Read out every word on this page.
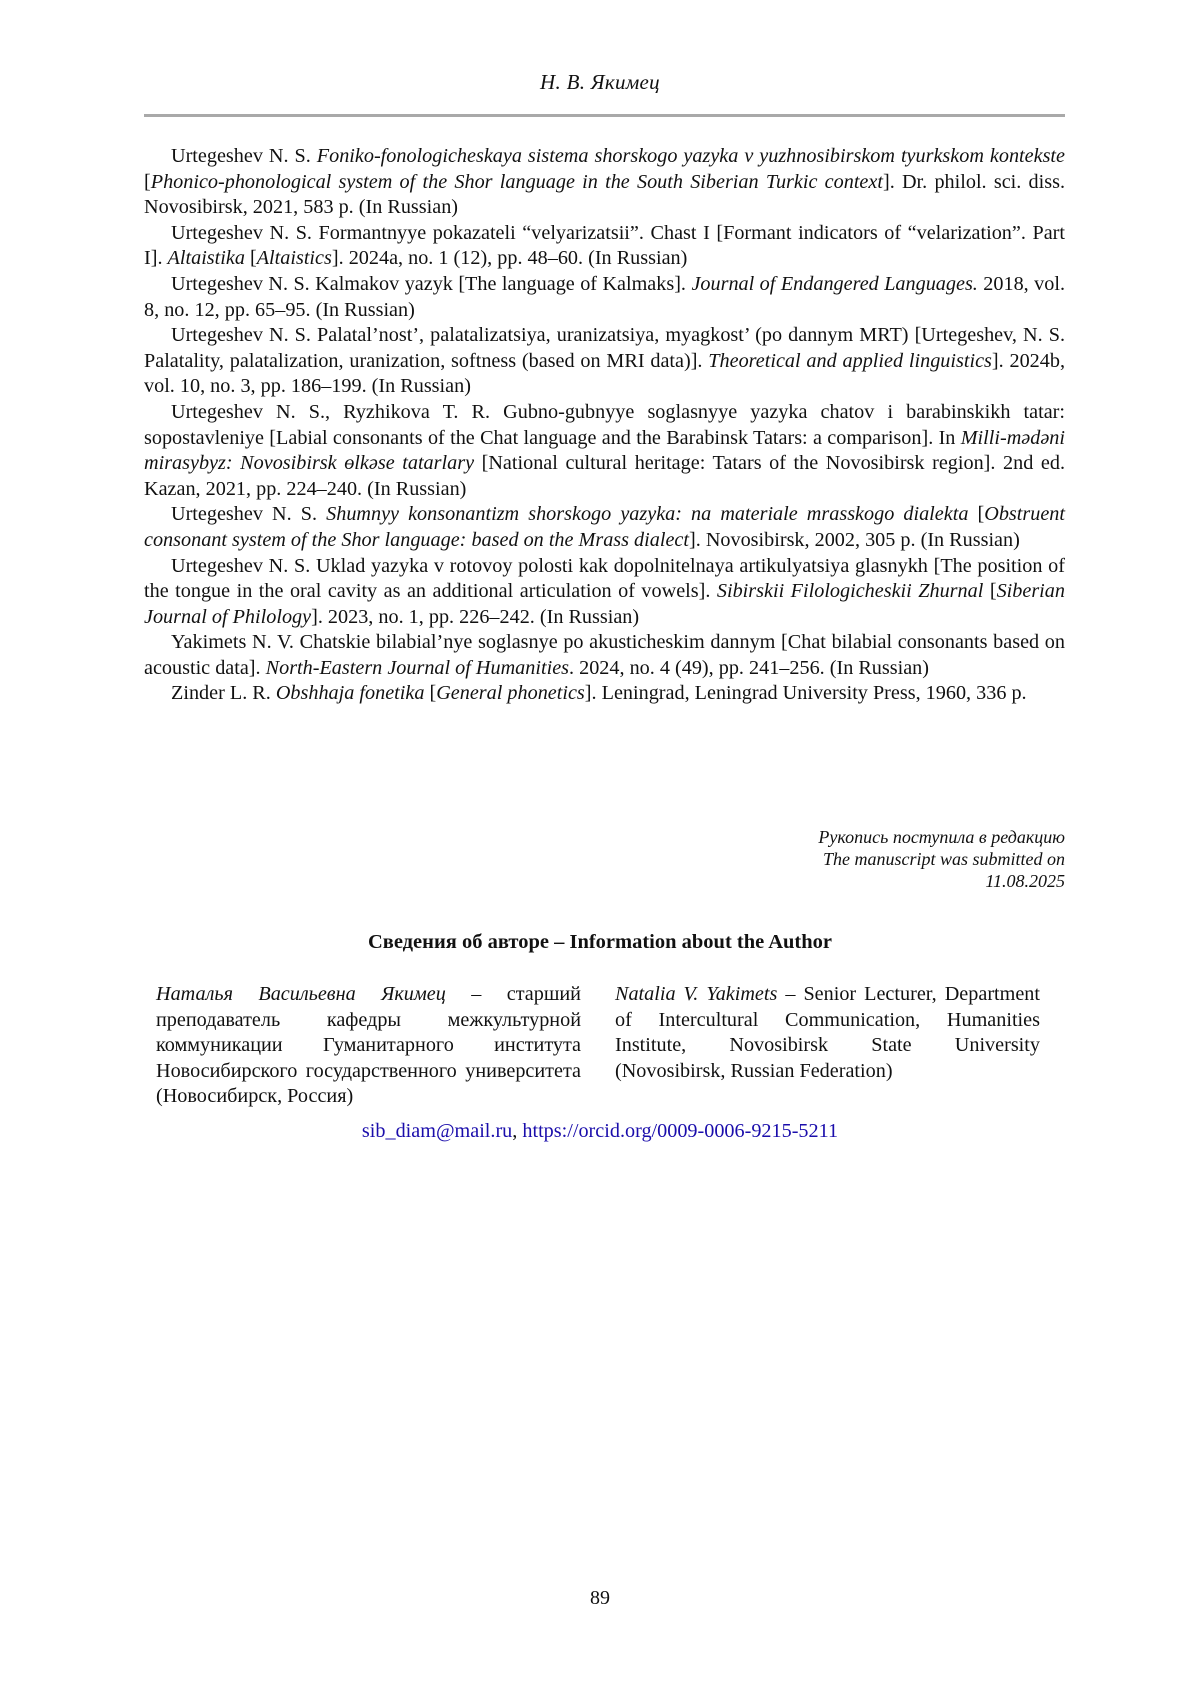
Н. В. Якимец

Urtegeshev N. S. Foniko-fonologicheskaya sistema shorskogo yazyka v yuzhnosibirskom tyurkskom kontekste [Phonico-phonological system of the Shor language in the South Siberian Turkic context]. Dr. philol. sci. diss. Novosibirsk, 2021, 583 p. (In Russian)

Urtegeshev N. S. Formantnyye pokazateli “velyarizatsii”. Chast I [Formant indicators of “velarization”. Part I]. Altaistika [Altaistics]. 2024a, no. 1 (12), pp. 48–60. (In Russian)

Urtegeshev N. S. Kalmakov yazyk [The language of Kalmaks]. Journal of Endangered Languages. 2018, vol. 8, no. 12, pp. 65–95. (In Russian)

Urtegeshev N. S. Palatal’nost’, palatalizatsiya, uranizatsiya, myagkost’ (po dannym MRT) [Urtegeshev, N. S. Palatality, palatalization, uranization, softness (based on MRI data)]. Theoretical and applied linguistics]. 2024b, vol. 10, no. 3, pp. 186–199. (In Russian)

Urtegeshev N. S., Ryzhikova T. R. Gubno-gubnyye soglasnyye yazyka chatov i barabinskikh tatar: sopostavleniye [Labial consonants of the Chat language and the Barabinsk Tatars: a comparison]. In Milli-mədəni mirasybyz: Novosibirsk ɵlkəse tatarlary [National cultural heritage: Tatars of the Novosibirsk region]. 2nd ed. Kazan, 2021, pp. 224–240. (In Russian)

Urtegeshev N. S. Shumnyy konsonantizm shorskogo yazyka: na materiale mrasskogo dialekta [Obstruent consonant system of the Shor language: based on the Mrass dialect]. Novosibirsk, 2002, 305 p. (In Russian)

Urtegeshev N. S. Uklad yazyka v rotovoy polosti kak dopolnitelnaya artikulyatsiya glasnykh [The position of the tongue in the oral cavity as an additional articulation of vowels]. Sibirskii Filologicheskii Zhurnal [Siberian Journal of Philology]. 2023, no. 1, pp. 226–242. (In Russian)

Yakimets N. V. Chatskie bilabial’nye soglasnye po akusticheskim dannym [Chat bilabial consonants based on acoustic data]. North-Eastern Journal of Humanities. 2024, no. 4 (49), pp. 241–256. (In Russian)

Zinder L. R. Obshhaja fonetika [General phonetics]. Leningrad, Leningrad University Press, 1960, 336 p.

Рукопись поступила в редакцию
The manuscript was submitted on
11.08.2025
Сведения об авторе – Information about the Author
Наталья Васильевна Якимец – старший преподаватель кафедры межкультурной коммуникации Гуманитарного института Новосибирского государственного университета (Новосибирск, Россия)
Natalia V. Yakimets – Senior Lecturer, Department of Intercultural Communication, Humanities Institute, Novosibirsk State University (Novosibirsk, Russian Federation)
sib_diam@mail.ru, https://orcid.org/0009-0006-9215-5211
89
